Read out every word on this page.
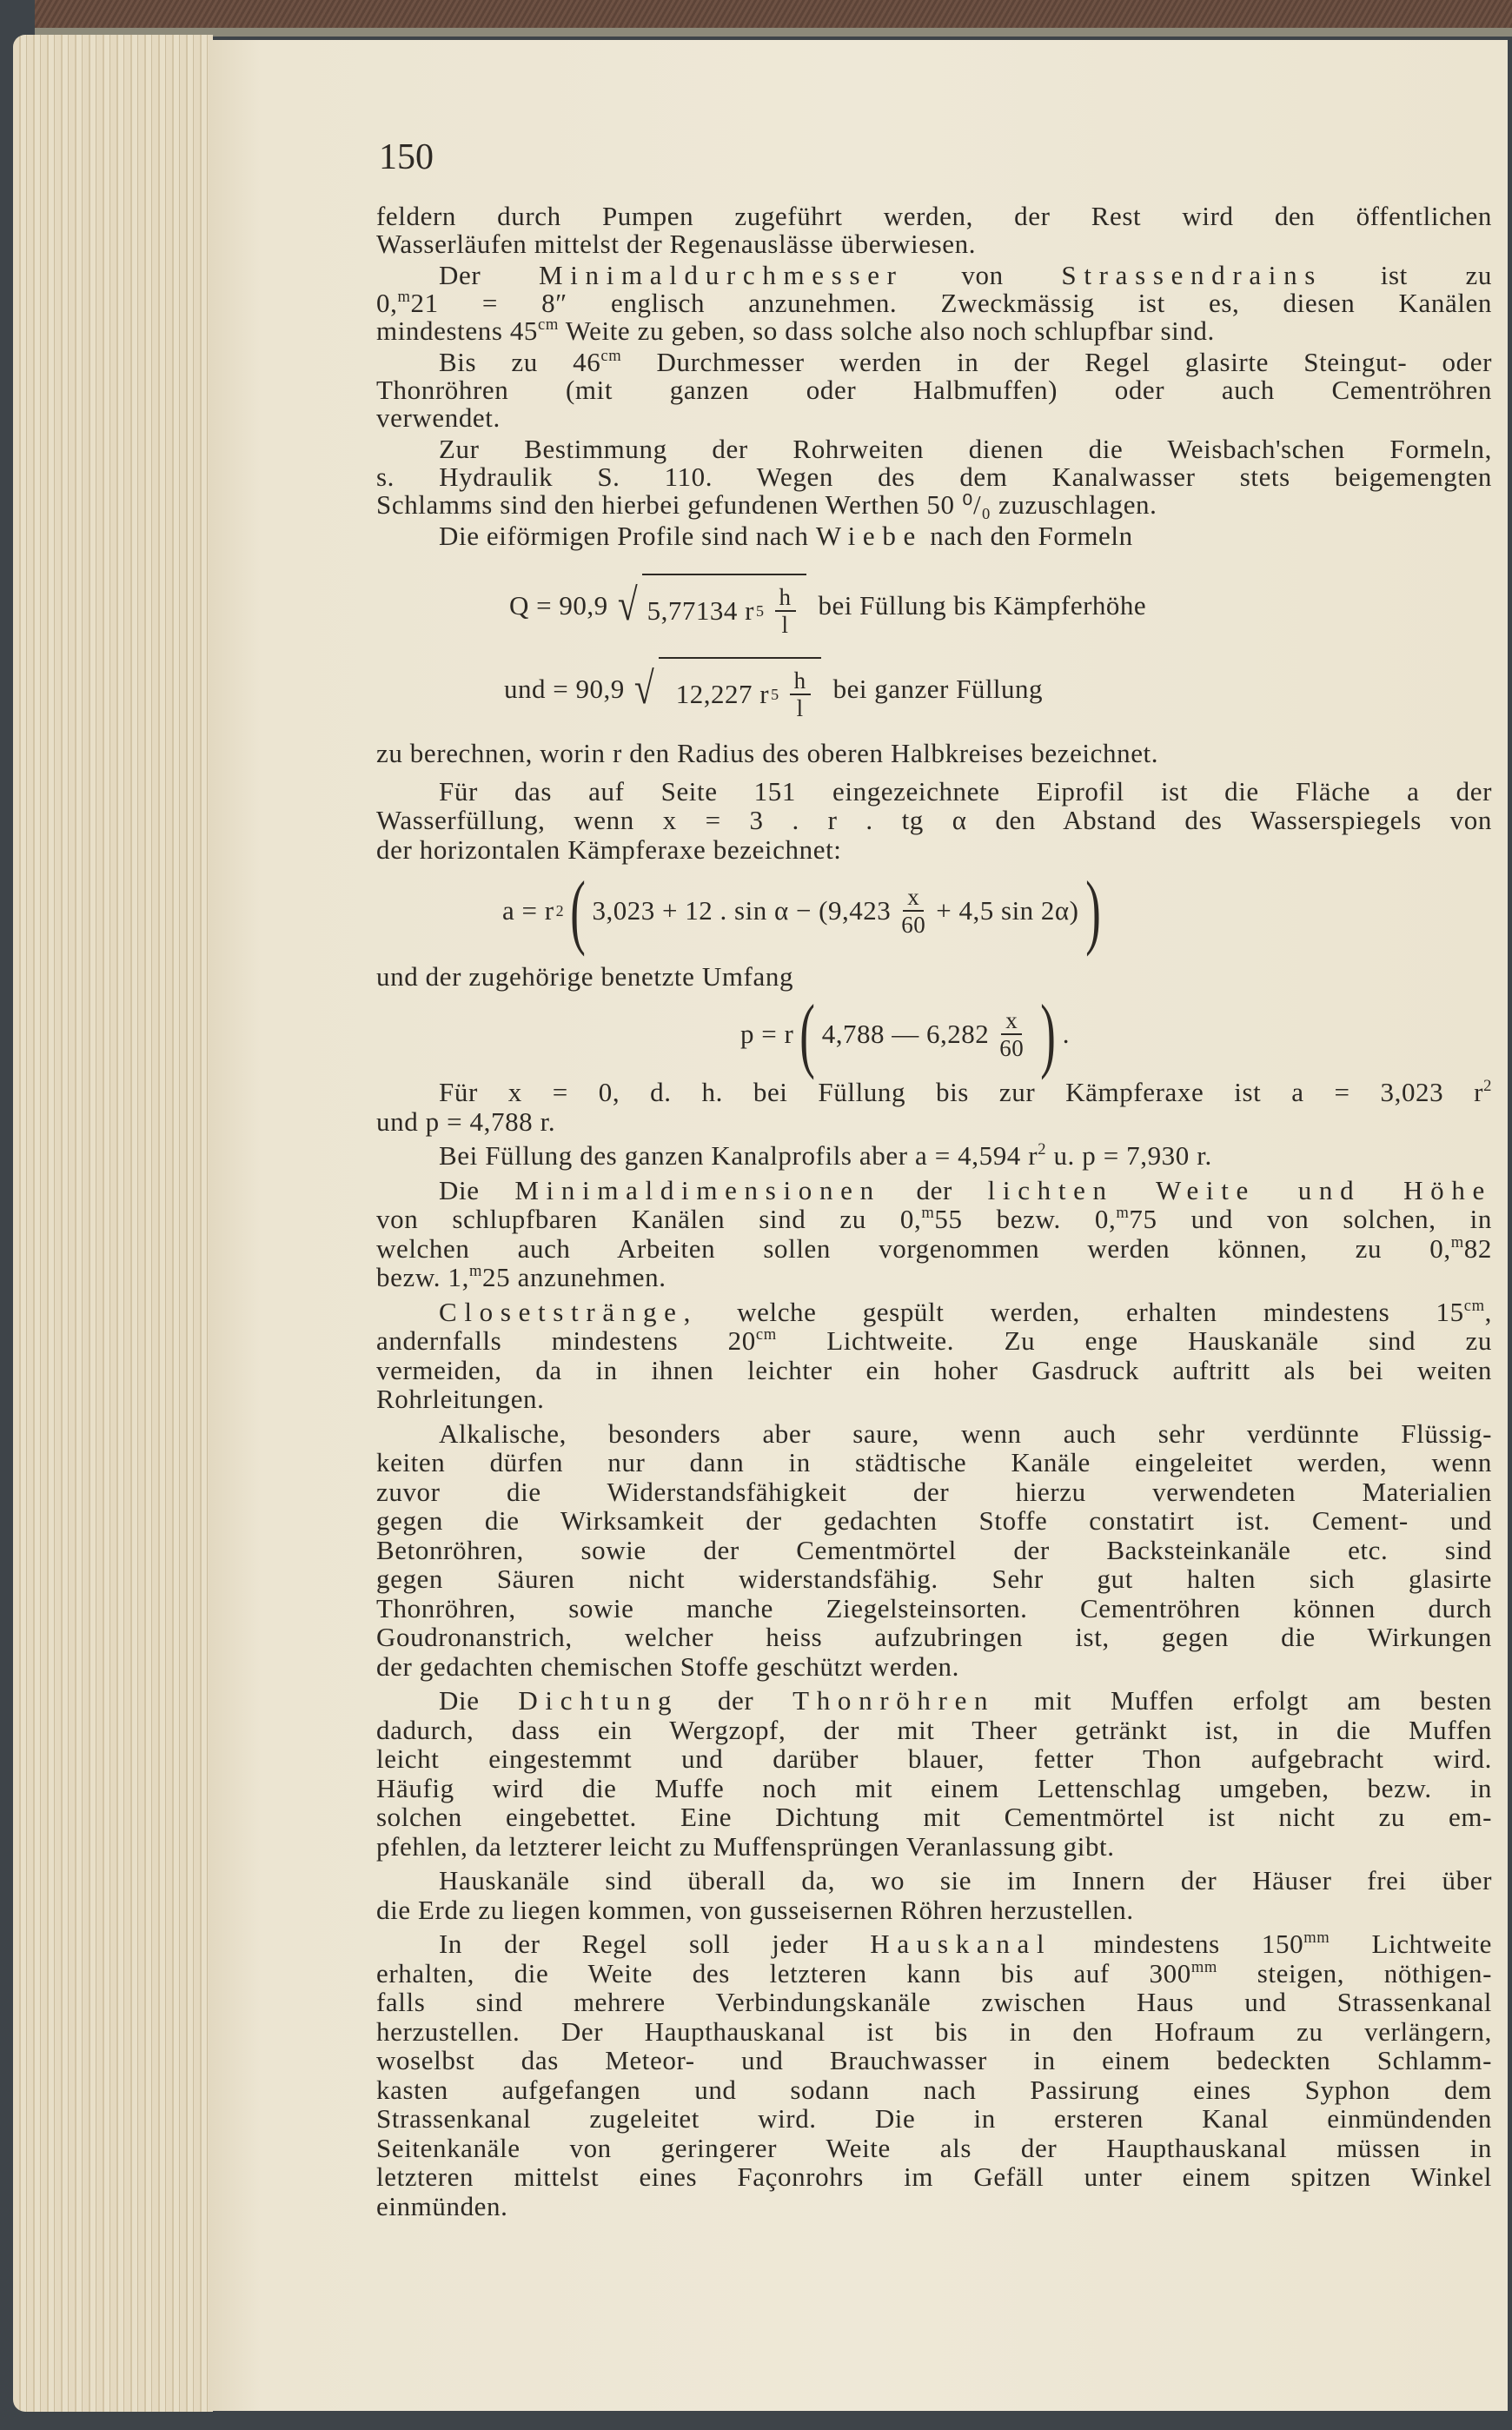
150
feldern durch Pumpen zugeführt werden, der Rest wird den öffentlichen
Wasserläufen mittelst der Regenauslässe überwiesen.
Der Minimaldurchmesser von Strassendrains ist zu
0,$^m$21 = 8″ englisch anzunehmen. Zweckmässig ist es, diesen Kanälen
mindestens $45^{cm}$ Weite zu geben, so dass solche also noch schlupfbar sind.
Bis zu $46^{cm}$ Durchmesser werden in der Regel glasirte Steingut- oder
Thonröhren (mit ganzen oder Halbmuffen) oder auch Cementröhren
verwendet.
Zur Bestimmung der Rohrweiten dienen die Weisbach'schen Formeln,
s. Hydraulik S. 110. Wegen des dem Kanalwasser stets beigemengten
Schlamms sind den hierbei gefundenen Werthen 50 ⁰/₀ zuzuschlagen.
Die eiförmigen Profile sind nach Wiebe nach den Formeln
Q = 90,9 √ 5,77134 r $5 \frac{h}{l}$ bei Füllung bis Kämpferhöhe
und = 90,9 √ 12,227 r $5 \frac{h}{l}$ bei ganzer Füllung
zu berechnen, worin r den Radius des oberen Halbkreises bezeichnet.
Für das auf Seite 151 eingezeichnete Eiprofil ist die Fläche a der
Wasserfüllung, wenn x = 3 . r . tg α den Abstand des Wasserspiegels von
der horizontalen Kämpferaxe bezeichnet:
a = r 2 ( 3,023 + 12 . $\sin \alpha - (9,423 \frac{x}{60} + 4,5$ sin 2α) )
und der zugehörige benetzte Umfang
p = r ( 4,788 — $6,282 \frac{x}{60}$ ) .
Für x = 0, d. h. bei Füllung bis zur Kämpferaxe ist a = 3,023 $r^2$
und p = 4,788 r.
Bei Füllung des ganzen Kanalprofils aber a = 4,594 $r^2$ u. p = 7,930 r.
Die Minimaldimensionen der lichten Weite und Höhe
von schlupfbaren Kanälen sind zu 0,$^m$55 bezw. 0,$^m$75 und von solchen, in
welchen auch Arbeiten sollen vorgenommen werden können, zu 0,$^m$82
bezw. 1,$^m$25 anzunehmen.
Closetstränge, welche gespült werden, erhalten mindestens $15^{cm}$,
andernfalls mindestens $20^{cm}$ Lichtweite. Zu enge Hauskanäle sind zu
vermeiden, da in ihnen leichter ein hoher Gasdruck auftritt als bei weiten
Rohrleitungen.
Alkalische, besonders aber saure, wenn auch sehr verdünnte Flüssig-
keiten dürfen nur dann in städtische Kanäle eingeleitet werden, wenn
zuvor die Widerstandsfähigkeit der hierzu verwendeten Materialien
gegen die Wirksamkeit der gedachten Stoffe constatirt ist. Cement- und
Betonröhren, sowie der Cementmörtel der Backsteinkanäle etc. sind
gegen Säuren nicht widerstandsfähig. Sehr gut halten sich glasirte
Thonröhren, sowie manche Ziegelsteinsorten. Cementröhren können durch
Goudronanstrich, welcher heiss aufzubringen ist, gegen die Wirkungen
der gedachten chemischen Stoffe geschützt werden.
Die Dichtung der Thonröhren mit Muffen erfolgt am besten
dadurch, dass ein Wergzopf, der mit Theer getränkt ist, in die Muffen
leicht eingestemmt und darüber blauer, fetter Thon aufgebracht wird.
Häufig wird die Muffe noch mit einem Lettenschlag umgeben, bezw. in
solchen eingebettet. Eine Dichtung mit Cementmörtel ist nicht zu em-
pfehlen, da letzterer leicht zu Muffensprüngen Veranlassung gibt.
Hauskanäle sind überall da, wo sie im Innern der Häuser frei über
die Erde zu liegen kommen, von gusseisernen Röhren herzustellen.
In der Regel soll jeder Hauskanal mindestens $150^{mm}$ Lichtweite
erhalten, die Weite des letzteren kann bis auf $300^{mm}$ steigen, nöthigen-
falls sind mehrere Verbindungskanäle zwischen Haus und Strassenkanal
herzustellen. Der Haupthauskanal ist bis in den Hofraum zu verlängern,
woselbst das Meteor- und Brauchwasser in einem bedeckten Schlamm-
kasten aufgefangen und sodann nach Passirung eines Syphon dem
Strassenkanal zugeleitet wird. Die in ersteren Kanal einmündenden
Seitenkanäle von geringerer Weite als der Haupthauskanal müssen in
letzteren mittelst eines Façonrohrs im Gefäll unter einem spitzen Winkel
einmünden.
